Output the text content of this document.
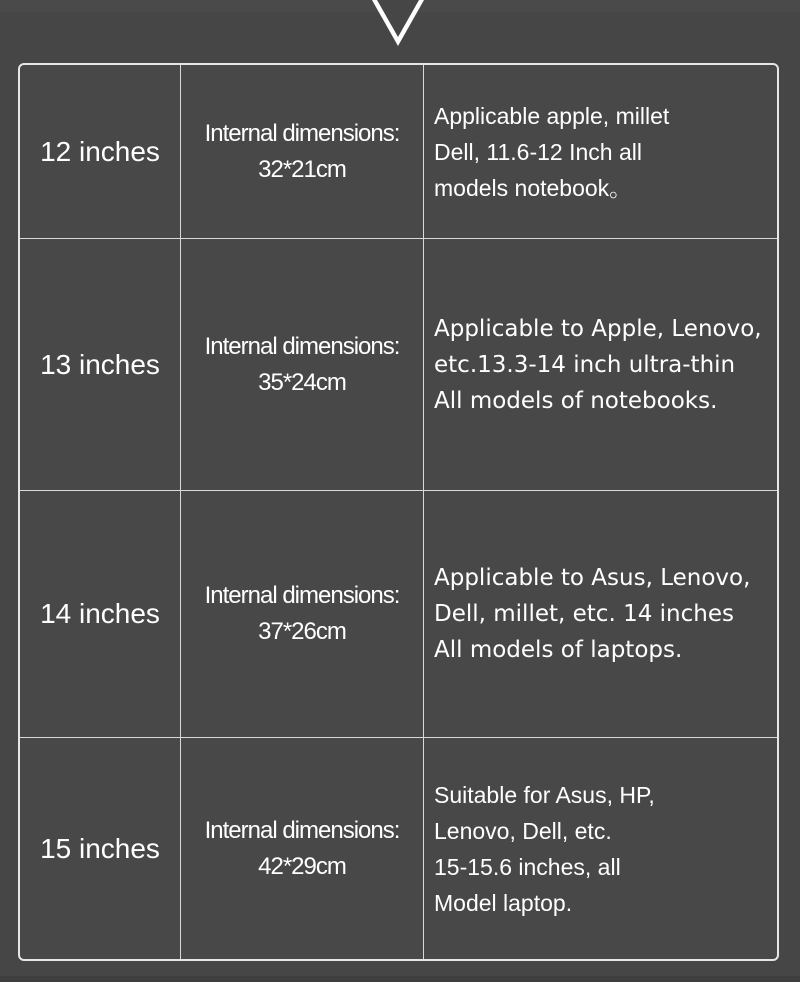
12 inches
Internal dimensions:
32*21cm
Applicable apple, millet
Dell, 11.6-12 Inch all
models notebook。
13 inches
Internal dimensions:
35*24cm
Applicable to Apple, Lenovo,
etc.13.3-14 inch ultra-thin
All models of notebooks.
14 inches
Internal dimensions:
37*26cm
Applicable to Asus, Lenovo,
Dell, millet, etc. 14 inches
All models of laptops.
15 inches
Internal dimensions:
42*29cm
Suitable for Asus, HP,
Lenovo, Dell, etc.
15-15.6 inches, all
Model laptop.
